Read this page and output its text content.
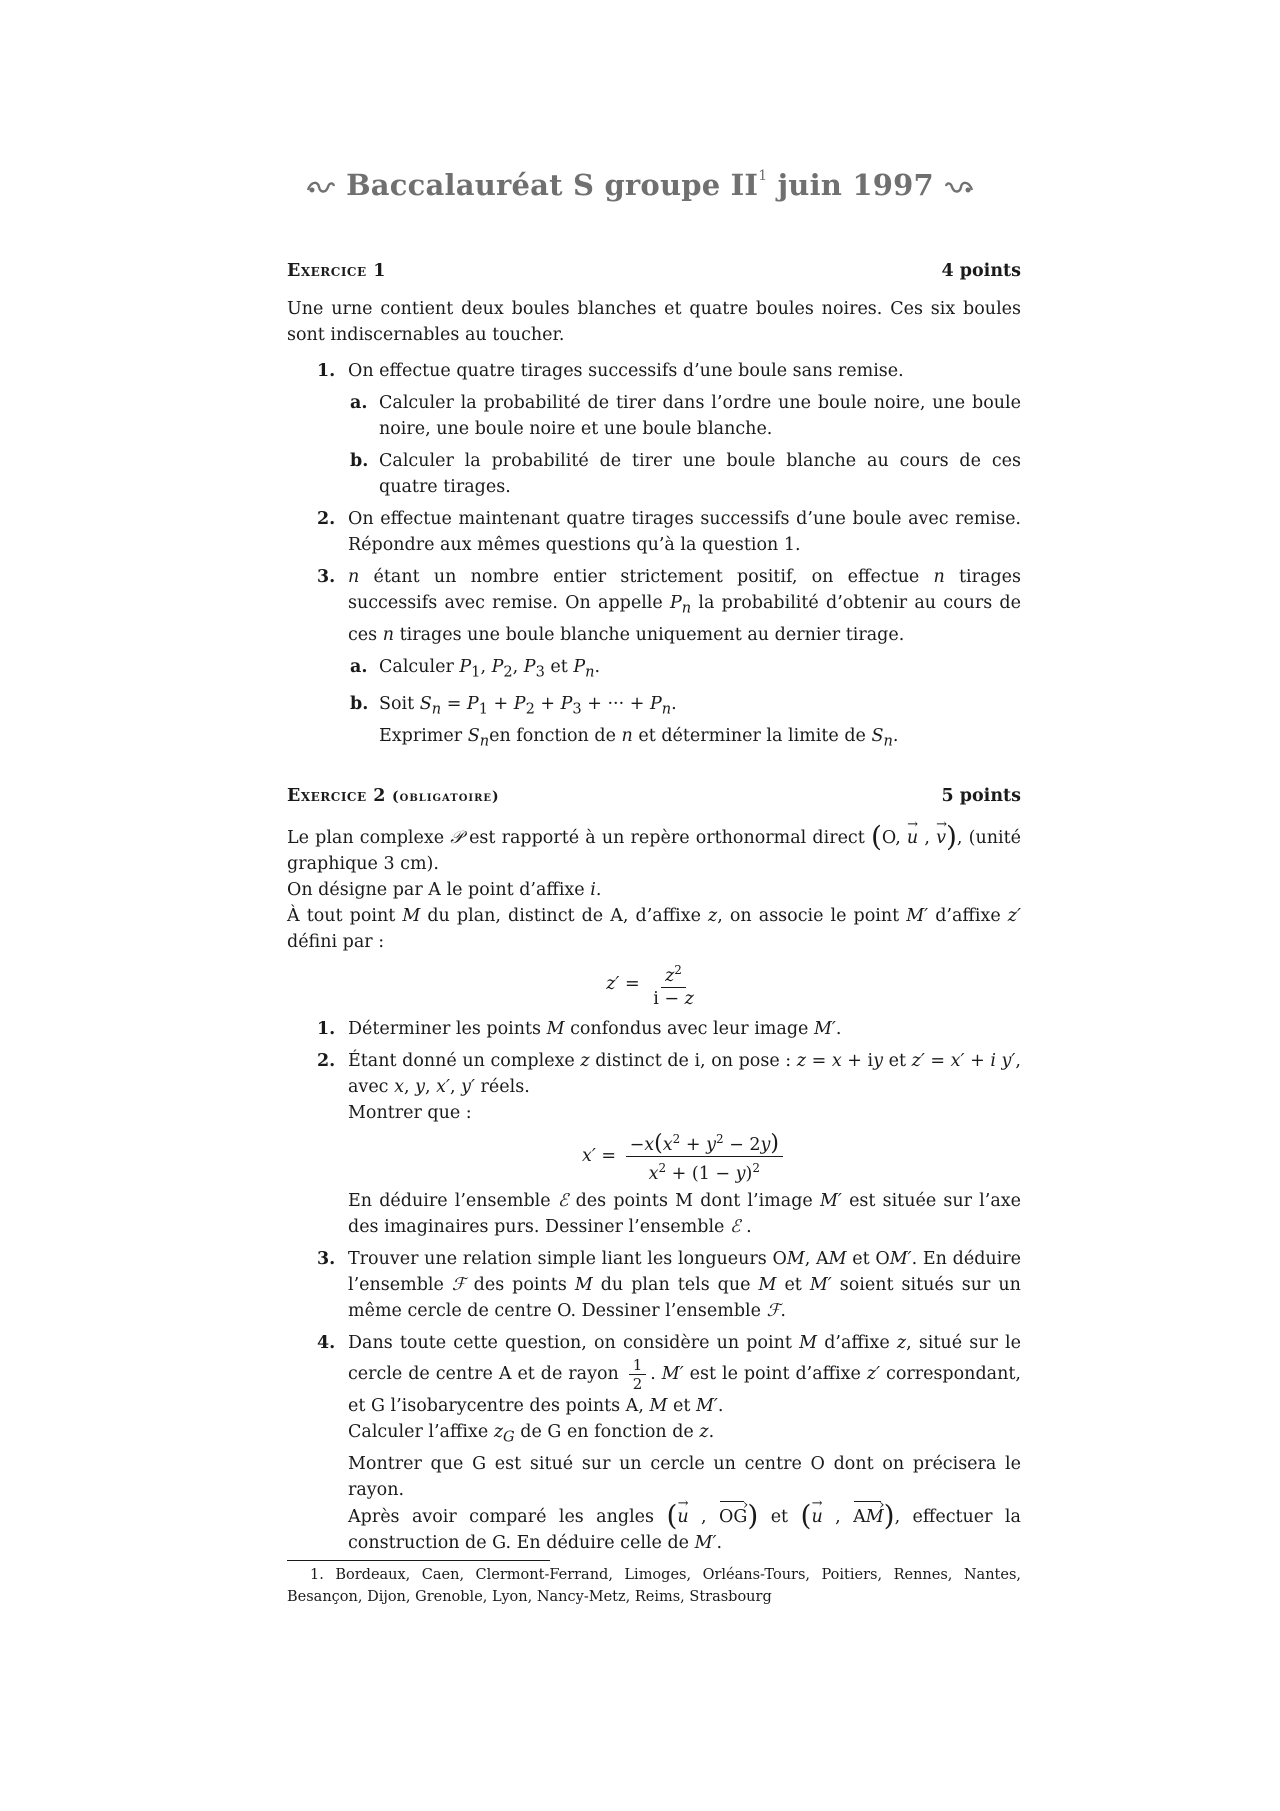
Baccalauréat S groupe $II^1$ juin 1997
Exercice 1	4 points

Une urne contient deux boules blanches et quatre boules noires. Ces six boules sont indiscernables au toucher.

1. On effectue quatre tirages successifs d’une boule sans remise.
a. Calculer la probabilité de tirer dans l’ordre une boule noire, une boule noire, une boule noire et une boule blanche.
b. Calculer la probabilité de tirer une boule blanche au cours de ces quatre tirages.
2. On effectue maintenant quatre tirages successifs d’une boule avec remise. Répondre aux mêmes questions qu’à la question 1.
3. n étant un nombre entier strictement positif, on effectue n tirages successifs avec remise. On appelle $P_n$ la probabilité d’obtenir au cours de ces n tirages une boule blanche uniquement au dernier tirage.
a. Calculer $P_1$, $P_2$, $P_3$ et $P_n$.
b. Soit $S_n = P_1 + P_2 + P_3$ + ··· + $P_n$.
Exprimer $S_nen$ fonction de n et déterminer la limite de $S_n$.
Exercice 2 (obligatoire)	5 points

Le plan complexe 𝒫 est rapporté à un repère orthonormal direct (O, → u , → v), (unité graphique 3 cm).

On désigne par A le point d’affixe i.

À tout point M du plan, distinct de A, d’affixe z, on associe le point M′ d’affixe z′ défini par :

$z' = \frac{z^2}{i - z}$
1. Déterminer les points M confondus avec leur image M′.
2. Étant donné un complexe z distinct de i, on pose : z = x + iy et z′ = x′ + i y′, avec x, y, x′, y′ réels.
Montrer que :
$x' = \frac{-x(x^2 + y^2 - 2y)}{x^2 + (1 - y)^2}$
En déduire l’ensemble ℰ des points M dont l’image M′ est située sur l’axe des imaginaires purs. Dessiner l’ensemble ℰ .
3. Trouver une relation simple liant les longueurs OM, AM et OM′. En déduire l’ensemble ℱ des points M du plan tels que M et M′ soient situés sur un même cercle de centre O. Dessiner l’ensemble ℱ.
4. Dans toute cette question, on considère un point M d’affixe z, situé sur le cercle de centre A et de rayon $\frac{1}{2}$ . M′ est le point d’affixe z′ correspondant, et G l’isobarycentre des points A, M et M′.
Calculer l’affixe $z_G$ de G en fonction de z.
Montrer que G est situé sur un cercle un centre O dont on précisera le rayon.
Après avoir comparé les angles (→ u , OG ›) et (→ u , AM ›), effectuer la construction de G. En déduire celle de M′.
1. Bordeaux, Caen, Clermont-Ferrand, Limoges, Orléans-Tours, Poitiers, Rennes, Nantes, Besançon, Dijon, Grenoble, Lyon, Nancy-Metz, Reims, Strasbourg
